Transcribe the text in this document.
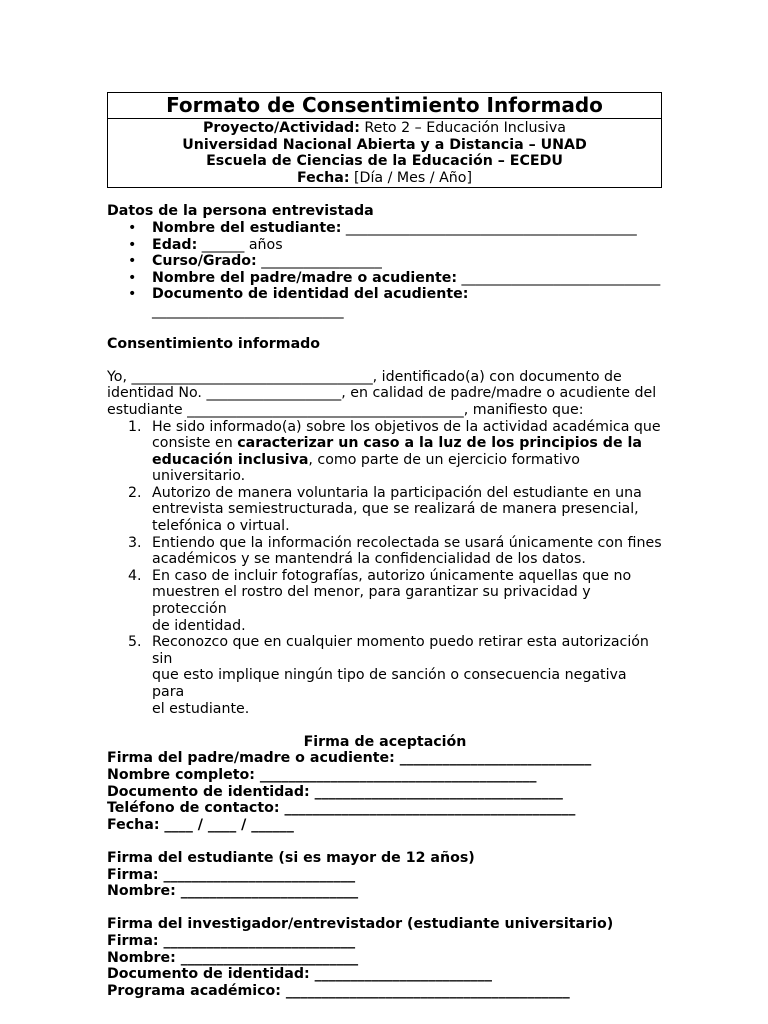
Formato de Consentimiento Informado
Proyecto/Actividad: Reto 2 – Educación Inclusiva
Universidad Nacional Abierta y a Distancia – UNAD
Escuela de Ciencias de la Educación – ECEDU
Fecha: [Día / Mes / Año]
Datos de la persona entrevistada
• Nombre del estudiante: _________________________________________
• Edad: ______ años
• Curso/Grado: _________________
• Nombre del padre/madre o acudiente: ____________________________
• Documento de identidad del acudiente: ___________________________
Consentimiento informado

Yo, __________________________________, identificado(a) con documento de
identidad No. ___________________, en calidad de padre/madre o acudiente del
estudiante _______________________________________, manifiesto que:

1. He sido informado(a) sobre los objetivos de la actividad académica que
consiste en caracterizar un caso a la luz de los principios de la
educación inclusiva, como parte de un ejercicio formativo
universitario.
2. Autorizo de manera voluntaria la participación del estudiante en una
entrevista semiestructurada, que se realizará de manera presencial,
telefónica o virtual.
3. Entiendo que la información recolectada se usará únicamente con fines
académicos y se mantendrá la confidencialidad de los datos.
4. En caso de incluir fotografías, autorizo únicamente aquellas que no
muestren el rostro del menor, para garantizar su privacidad y protección
de identidad.
5. Reconozco que en cualquier momento puedo retirar esta autorización sin
que esto implique ningún tipo de sanción o consecuencia negativa para
el estudiante.
Firma de aceptación
Firma del padre/madre o acudiente: ___________________________
Nombre completo: _______________________________________
Documento de identidad: ___________________________________
Teléfono de contacto: _________________________________________
Fecha: ____ / ____ / ______
Firma del estudiante (si es mayor de 12 años)
Firma: ___________________________
Nombre: _________________________
Firma del investigador/entrevistador (estudiante universitario)
Firma: ___________________________
Nombre: _________________________
Documento de identidad: _________________________
Programa académico: ________________________________________
